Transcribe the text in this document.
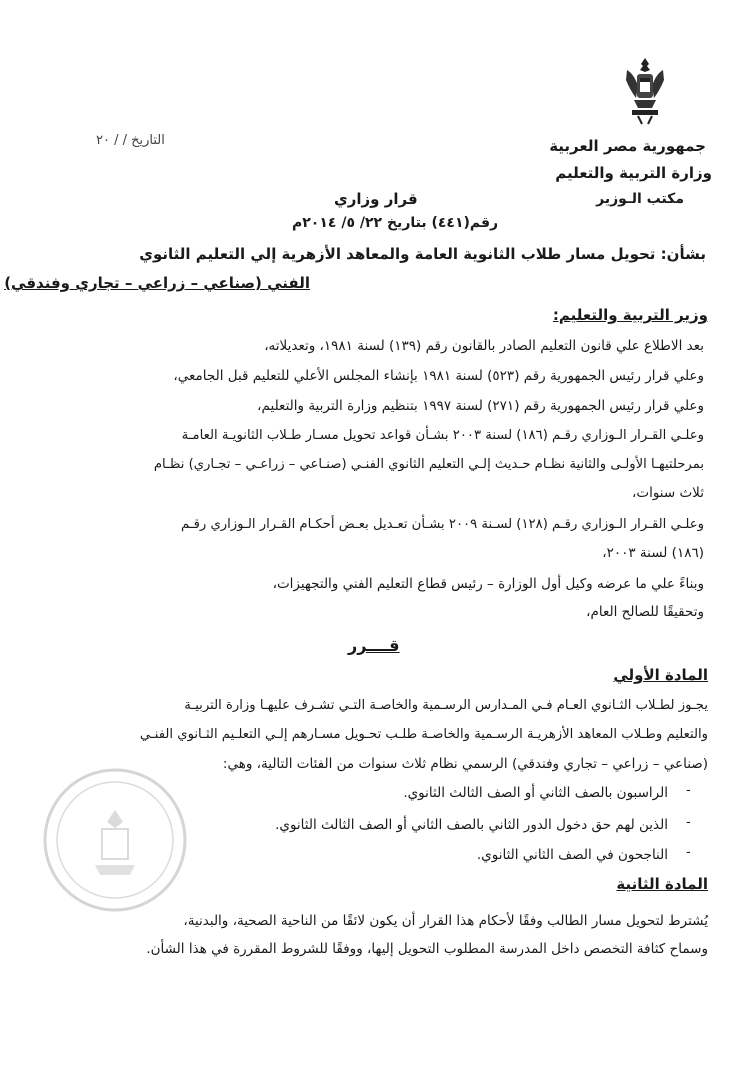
جمهورية مصر العربية
وزارة التربية والتعليم
مكتب الـوزير
التاريخ / / ٢٠
قرار وزاري
رقم(٤٤١) بتاريخ ٢٢/ ٥/ ٢٠١٤م
بشأن: تحويل مسار طلاب الثانوية العامة والمعاهد الأزهرية إلي التعليم الثانوي
الفني (صناعي – زراعي – تجاري وفندقي)
وزير التربية والتعليم:
بعد الاطلاع علي قانون التعليم الصادر بالقانون رقم (١٣٩) لسنة ١٩٨١، وتعديلاته،
وعلي قرار رئيس الجمهورية رقم (٥٢٣) لسنة ١٩٨١ بإنشاء المجلس الأعلي للتعليم قبل الجامعي،
وعلي قرار رئيس الجمهورية رقم (٢٧١) لسنة ١٩٩٧ بتنظيم وزارة التربية والتعليم،
وعلـي القـرار الـوزاري رقـم (١٨٦) لسنة ٢٠٠٣ بشـأن قواعد تحويل مسـار طـلاب الثانويـة العامـة
بمرحلتيهـا الأولـى والثانية نظـام حـديث إلـي التعليم الثانوي الفنـي (صنـاعي – زراعـي – تجـاري) نظـام
ثلاث سنوات،
وعلـي القـرار الـوزاري رقـم (١٢٨) لسـنة ٢٠٠٩ بشـأن تعـديل بعـض أحكـام القـرار الـوزاري رقـم
(١٨٦) لسنة ٢٠٠٣،
وبناءً علي ما عرضه وكيل أول الوزارة – رئيس قطاع التعليم الفني والتجهيزات،
وتحقيقًا للصالح العام،
قــــرر
المادة الأولي
يجـوز لطـلاب الثـانوي العـام فـي المـدارس الرسـمية والخاصـة التـي تشـرف عليهـا وزارة التربيـة
والتعليم وطـلاب المعاهد الأزهريـة الرسـمية والخاصـة طلـب تحـويل مسـارهم إلـي التعلـيم الثـانوي الفنـي
(صناعي – زراعي – تجاري وفندقي) الرسمي نظام ثلاث سنوات من الفئات التالية، وهي:
-
الراسبون بالصف الثاني أو الصف الثالث الثانوي.
-
الذين لهم حق دخول الدور الثاني بالصف الثاني أو الصف الثالث الثانوي.
-
الناجحون في الصف الثاني الثانوي.
المادة الثانية
يُشترط لتحويل مسار الطالب وفقًا لأحكام هذا القرار أن يكون لائقًا من الناحية الصحية، والبدنية،
وسماح كثافة التخصص داخل المدرسة المطلوب التحويل إليها، ووفقًا للشروط المقررة في هذا الشأن.
